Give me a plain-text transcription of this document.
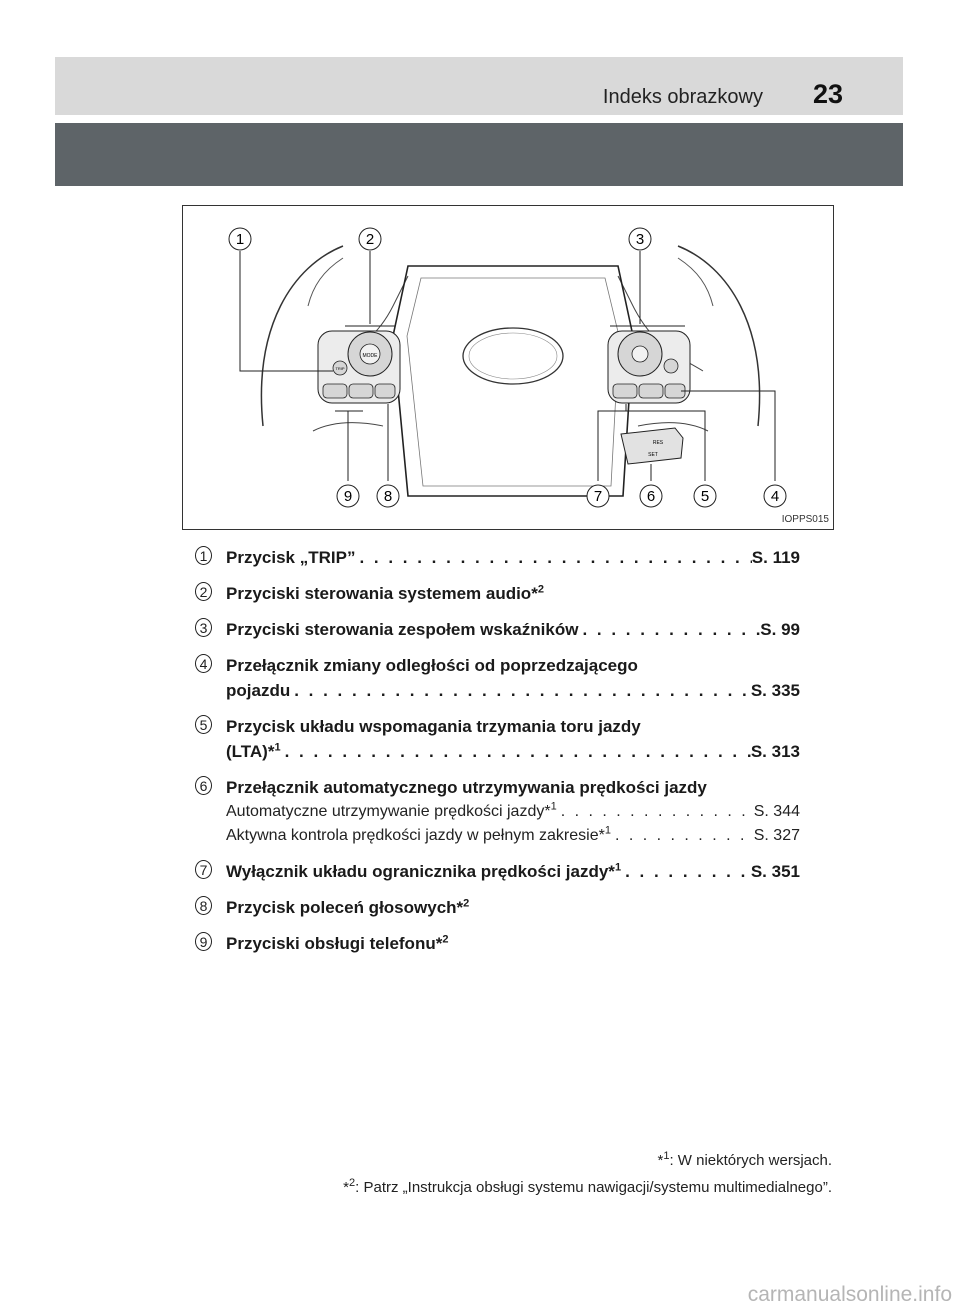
Indeks obrazkowy 23
MODE
TRIP
RES
SET
1	2	3
4
5
6
7
8
9
IOPPS015
1 Przycisk „TRIP” . . .	S. 119
2 Przyciski sterowania systemem audio*$^2$
3 Przyciski sterowania zespołem wskaźników . . .	S. 99
4 Przełącznik zmiany odległości od poprzedzającego
pojazdu . . .	S. 335
5 Przycisk układu wspomagania trzymania toru jazdy
(LTA)*$^1$ . . .	S. 313
6 Przełącznik automatycznego utrzymywania prędkości jazdy
Automatyczne utrzymywanie prędkości jazdy*$^1$ . . .	S. 344
Aktywna kontrola prędkości jazdy w pełnym zakresie*$^1$ . . .	S. 327
7 Wyłącznik układu ogranicznika prędkości jazdy*$^1$ . . .	S. 351
8 Przycisk poleceń głosowych*$^2$
9 Przyciski obsługi telefonu*$^2$
*$^1$: W niektórych wersjach.
*$^2$: Patrz „Instrukcja obsługi systemu nawigacji/systemu multimedialnego”.
carmanualsonline.info
